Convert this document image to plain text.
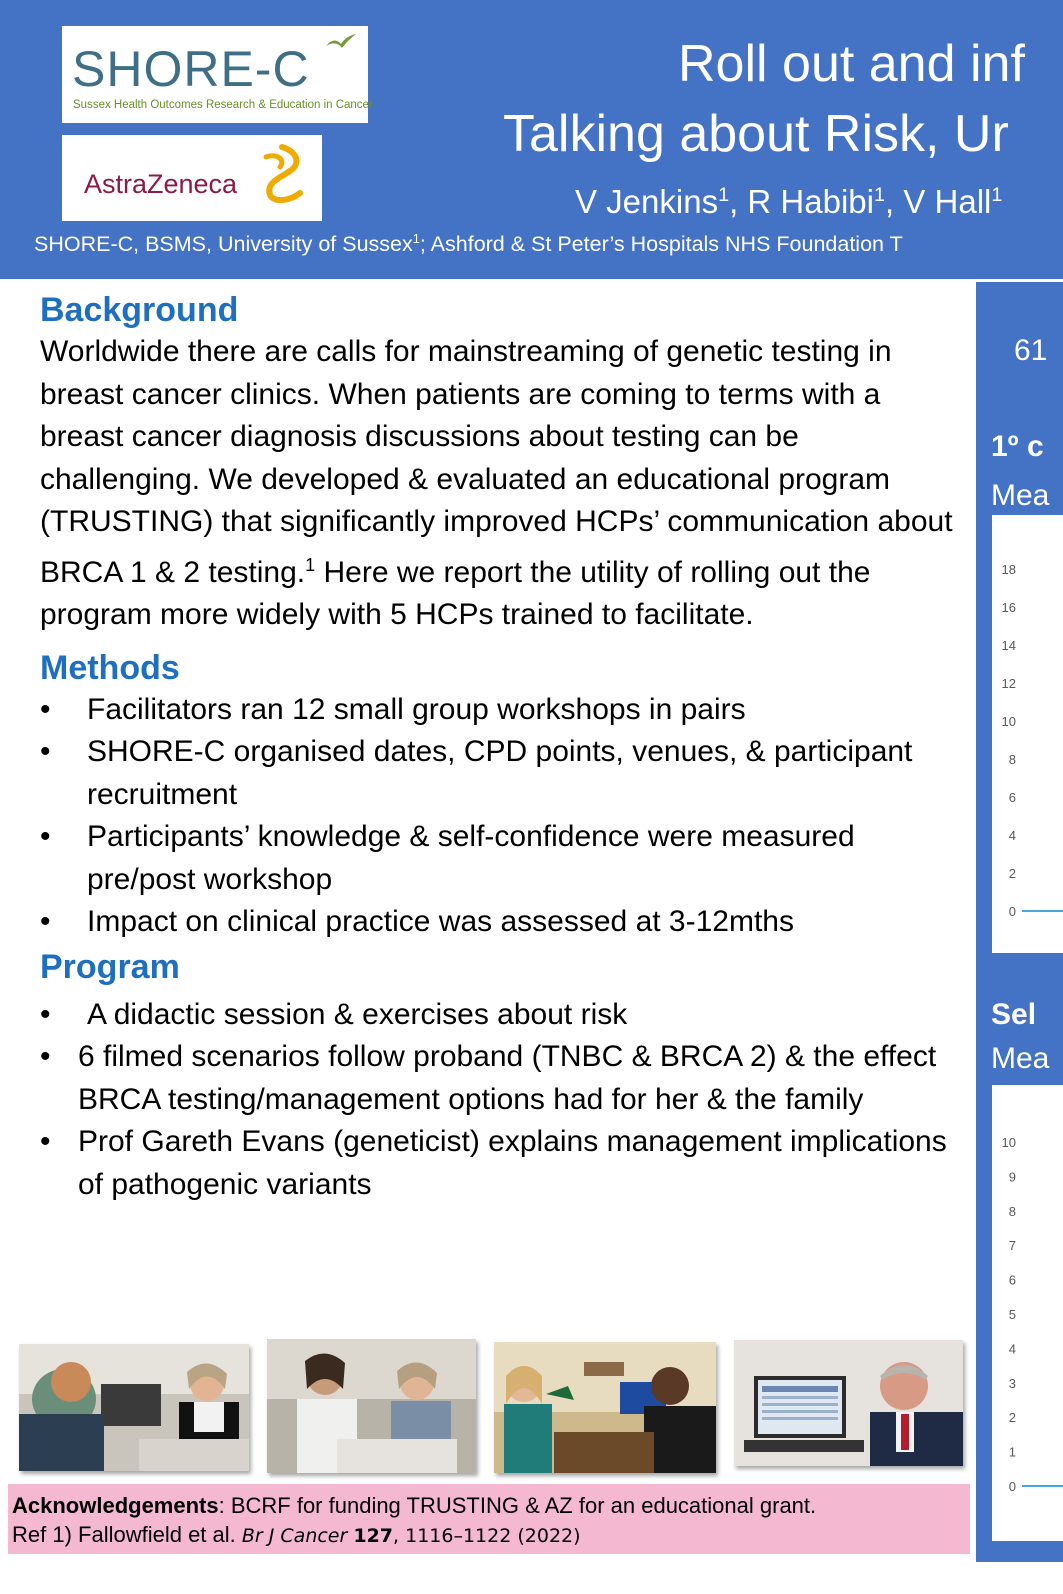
SHORE-C
Sussex Health Outcomes Research & Education in Cancer
AstraZeneca
Roll out and inf
Talking about Risk, Ur
V Jenkins$^1$, R Habibi$^1$, V Hall$^1$
SHORE-C, BSMS, University of Sussex$^1$; Ashford & St Peter’s Hospitals NHS Foundation T
Background

Worldwide there are calls for mainstreaming of genetic testing in breast cancer clinics. When patients are coming to terms with a breast cancer diagnosis discussions about testing can be challenging. We developed & evaluated an educational program (TRUSTING) that significantly improved HCPs’ communication about BRCA 1 & 2 testing.$^1$ Here we report the utility of rolling out the program more widely with 5 HCPs trained to facilitate.

Methods
• Facilitators ran 12 small group workshops in pairs
• SHORE-C organised dates, CPD points, venues, & participant recruitment
• Participants’ knowledge & self-confidence were measured pre/post workshop
• Impact on clinical practice was assessed at 3-12mths
Program
• A didactic session & exercises about risk
• 6 filmed scenarios follow proband (TNBC & BRCA 2) & the effect BRCA testing/management options had for her & the family
• Prof Gareth Evans (geneticist) explains management implications of pathogenic variants
Acknowledgements: BCRF for funding TRUSTING & AZ for an educational grant.
Ref 1) Fallowfield et al. Br J Cancer 127, 1116–1122 (2022)
61
1º c
Mea
0
2
4
6
8
10
12
14
16
18
Sel
Mea
0
1
2
3
4
5
6
7
8
9
10
